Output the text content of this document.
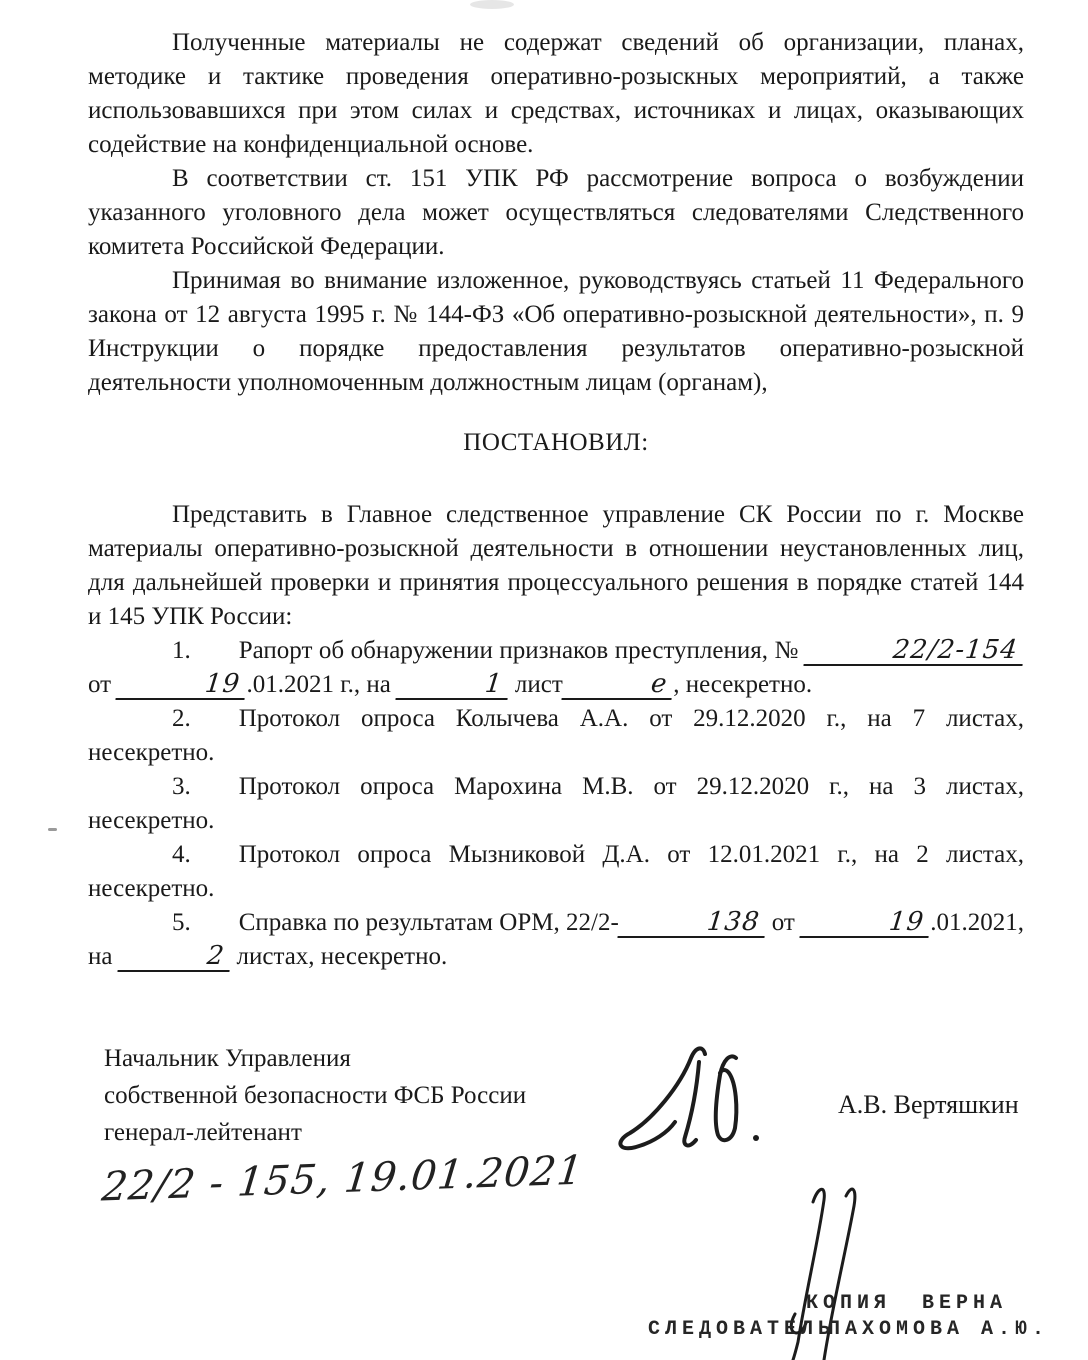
Полученные материалы не содержат сведений об организации, планах, методике и тактике проведения оперативно-розыскных мероприятий, а также использовавшихся при этом силах и средствах, источниках и лицах, оказывающих содействие на конфиденциальной основе.

В соответствии ст. 151 УПК РФ рассмотрение вопроса о возбуждении указанного уголовного дела может осуществляться следователями Следственного комитета Российской Федерации.

Принимая во внимание изложенное, руководствуясь статьей 11 Федерального закона от 12 августа 1995 г. № 144-ФЗ «Об оперативно-розыскной деятельности», п. 9 Инструкции о порядке предоставления результатов оперативно-розыскной деятельности уполномоченным должностным лицам (органам),

ПОСТАНОВИЛ:

Представить в Главное следственное управление СК России по г. Москве материалы оперативно-розыскной деятельности в отношении неустановленных лиц, для дальнейшей проверки и принятия процессуального решения в порядке статей 144 и 145 УПК России:

1. Рапорт об обнаружении признаков преступления, №	22/2-154 от	19 .01.2021 г., на	1 лист	е , несекретно.

2. Протокол опроса Колычева А.А. от 29.12.2020 г., на 7 листах, несекретно.

3. Протокол опроса Марохина М.В. от 29.12.2020 г., на 3 листах, несекретно.

4. Протокол опроса Мызниковой Д.А. от 12.01.2021 г., на 2 листах, несекретно.

5. Справка по результатам ОРМ, 22/2-	138 от	19 .01.2021, на	2 листах, несекретно.

Начальник Управления
собственной безопасности ФСБ России
генерал-лейтенант
А.В. Вертяшкин
22/2 - 155, 19.01.2021
КОПИЯ ВЕРНА
СЛЕДОВАТЕЛЬ
ПАХОМОВА А.Ю.
